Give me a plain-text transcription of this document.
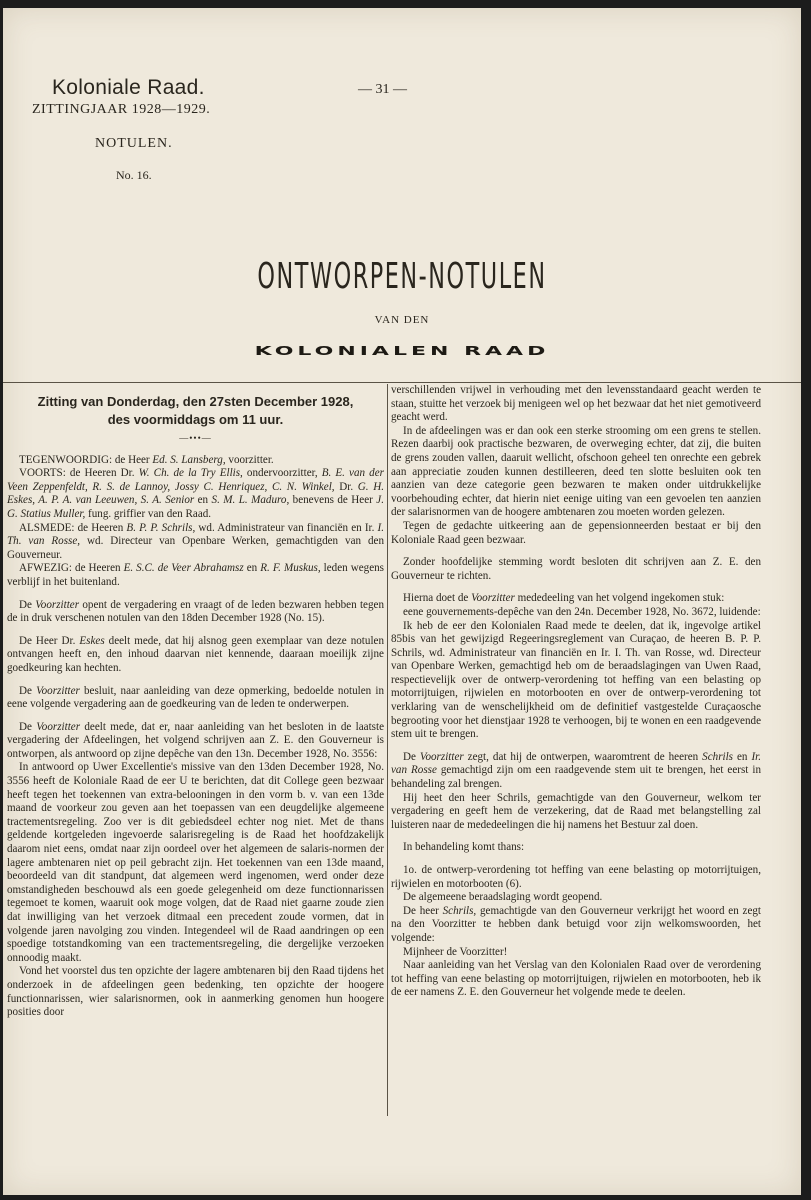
Koloniale Raad.
ZITTINGJAAR 1928—1929.
NOTULEN.
No. 16.
— 31 —
ONTWORPEN-NOTULEN
VAN DEN
KOLONIALEN RAAD

Zitting van Donderdag, den 27sten December 1928,
des voormiddags om 11 uur.

—•••—

TEGENWOORDIG: de Heer Ed. S. Lansberg, voorzitter.

VOORTS: de Heeren Dr. W. Ch. de la Try Ellis, ondervoorzitter, B. E. van der Veen Zeppenfeldt, R. S. de Lannoy, Jossy C. Henriquez, C. N. Winkel, Dr. G. H. Eskes, A. P. A. van Leeuwen, S. A. Senior en S. M. L. Maduro, benevens de Heer J. G. Statius Muller, fung. griffier van den Raad.

ALSMEDE: de Heeren B. P. P. Schrils, wd. Administrateur van financiën en Ir. I. Th. van Rosse, wd. Directeur van Openbare Werken, gemachtigden van den Gouverneur.

AFWEZIG: de Heeren E. S.C. de Veer Abrahamsz en R. F. Muskus, leden wegens verblijf in het buitenland.

De Voorzitter opent de vergadering en vraagt of de leden bezwaren hebben tegen de in druk verschenen notulen van den 18den December 1928 (No. 15).

De Heer Dr. Eskes deelt mede, dat hij alsnog geen exemplaar van deze notulen ontvangen heeft en, den inhoud daarvan niet kennende, daaraan moeilijk zijne goedkeuring kan hechten.

De Voorzitter besluit, naar aanleiding van deze opmerking, bedoelde notulen in eene volgende vergadering aan de goedkeuring van de leden te onderwerpen.

De Voorzitter deelt mede, dat er, naar aanleiding van het besloten in de laatste vergadering der Afdeelingen, het volgend schrijven aan Z. E. den Gouverneur is ontworpen, als antwoord op zijne depêche van den 13n. December 1928, No. 3556:

In antwoord op Uwer Excellentie's missive van den 13den December 1928, No. 3556 heeft de Koloniale Raad de eer U te berichten, dat dit College geen bezwaar heeft tegen het toekennen van extra-belooningen in den vorm b. v. van een 13de maand de voorkeur zou geven aan het toepassen van een deugdelijke algemeene tractementsregeling. Zoo ver is dit gebiedsdeel echter nog niet. Met de thans geldende kortgeleden ingevoerde salarisregeling is de Raad het hoofdzakelijk daarom niet eens, omdat naar zijn oordeel over het algemeen de salaris-normen der lagere ambtenaren niet op peil gebracht zijn. Het toekennen van een 13de maand, beoordeeld van dit standpunt, dat algemeen werd ingenomen, werd onder deze omstandigheden beschouwd als een goede gelegenheid om deze functionnarissen tegemoet te komen, waaruit ook moge volgen, dat de Raad niet gaarne zoude zien dat inwilliging van het verzoek ditmaal een precedent zoude vormen, dat in volgende jaren navolging zou vinden. Integendeel wil de Raad aandringen op een spoedige totstandkoming van een tractementsregeling, die dergelijke verzoeken onnoodig maakt.

Vond het voorstel dus ten opzichte der lagere ambtenaren bij den Raad tijdens het onderzoek in de afdeelingen geen bedenking, ten opzichte der hoogere functionnarissen, wier salarisnormen, ook in aanmerking genomen hun hoogere posities door

verschillenden vrijwel in verhouding met den levensstandaard geacht werden te staan, stuitte het verzoek bij menigeen wel op het bezwaar dat het niet gemotiveerd geacht werd.

In de afdeelingen was er dan ook een sterke strooming om een grens te stellen. Rezen daarbij ook practische bezwaren, de overweging echter, dat zij, die buiten de grens zouden vallen, daaruit wellicht, ofschoon geheel ten onrechte een gebrek aan appreciatie zouden kunnen destilleeren, deed ten slotte besluiten ook ten aanzien van deze categorie geen bezwaren te maken onder uitdrukkelijke voorbehouding echter, dat hierin niet eenige uiting van een gevoelen ten aanzien der salarisnormen van de hoogere ambtenaren zou moeten worden gelezen.

Tegen de gedachte uitkeering aan de gepensionneerden bestaat er bij den Koloniale Raad geen bezwaar.

Zonder hoofdelijke stemming wordt besloten dit schrijven aan Z. E. den Gouverneur te richten.

Hierna doet de Voorzitter mededeeling van het volgend ingekomen stuk:

eene gouvernements-depêche van den 24n. December 1928, No. 3672, luidende:

Ik heb de eer den Kolonialen Raad mede te deelen, dat ik, ingevolge artikel 85bis van het gewijzigd Regeeringsreglement van Curaçao, de heeren B. P. P. Schrils, wd. Administrateur van financiën en Ir. I. Th. van Rosse, wd. Directeur van Openbare Werken, gemachtigd heb om de beraadslagingen van Uwen Raad, respectievelijk over de ontwerp-verordening tot heffing van een belasting op motorrijtuigen, rijwielen en motorbooten en over de ontwerp-verordening tot verklaring van de wenschelijkheid om de definitief vastgestelde Curaçaosche begrooting voor het dienstjaar 1928 te verhoogen, bij te wonen en een raadgevende stem uit te brengen.

De Voorzitter zegt, dat hij de ontwerpen, waaromtrent de heeren Schrils en Ir. van Rosse gemachtigd zijn om een raadgevende stem uit te brengen, het eerst in behandeling zal brengen.

Hij heet den heer Schrils, gemachtigde van den Gouverneur, welkom ter vergadering en geeft hem de verzekering, dat de Raad met belangstelling zal luisteren naar de mededeelingen die hij namens het Bestuur zal doen.

In behandeling komt thans:

1o. de ontwerp-verordening tot heffing van eene belasting op motorrijtuigen, rijwielen en motorbooten (6).

De algemeene beraadslaging wordt geopend.

De heer Schrils, gemachtigde van den Gouverneur verkrijgt het woord en zegt na den Voorzitter te hebben dank betuigd voor zijn welkomswoorden, het volgende:

Mijnheer de Voorzitter!

Naar aanleiding van het Verslag van den Kolonialen Raad over de verordening tot heffing van eene belasting op motorrijtuigen, rijwielen en motorbooten, heb ik de eer namens Z. E. den Gouverneur het volgende mede te deelen.
